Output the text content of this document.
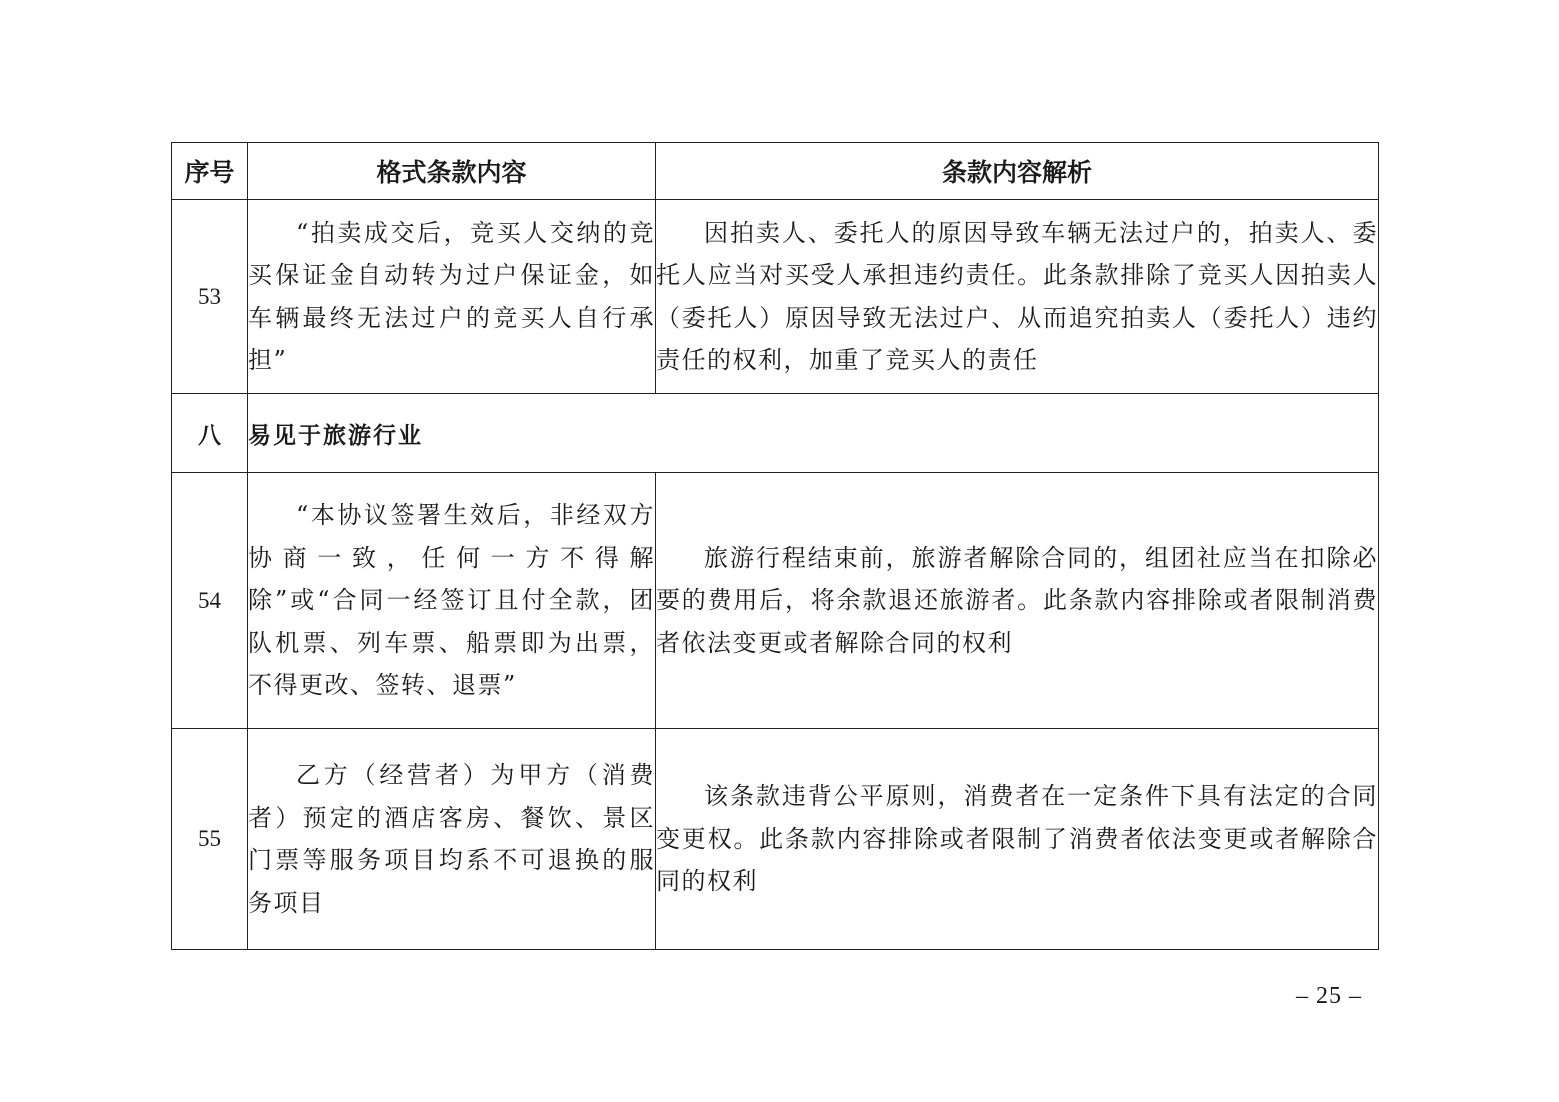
序号	格式条款内容	条款内容解析
53	“拍卖成交后，竞买人交纳的竞买保证金自动转为过户保证金，如车辆最终无法过户的竞买人自行承担”	因拍卖人、委托人的原因导致车辆无法过户的，拍卖人、委托人应当对买受人承担违约责任。此条款排除了竞买人因拍卖人（委托人）原因导致无法过户、从而追究拍卖人（委托人）违约责任的权利，加重了竞买人的责任

八	易见于旅游行业	
54	“本协议签署生效后，非经双方协商一致，任何一方不得解除”或“合同一经签订且付全款，团队机票、列车票、船票即为出票，不得更改、签转、退票”	旅游行程结束前，旅游者解除合同的，组团社应当在扣除必要的费用后，将余款退还旅游者。此条款内容排除或者限制消费者依法变更或者解除合同的权利

55	乙方（经营者）为甲方（消费者）预定的酒店客房、餐饮、景区门票等服务项目均系不可退换的服务项目	该条款违背公平原则，消费者在一定条件下具有法定的合同变更权。此条款内容排除或者限制了消费者依法变更或者解除合同的权利

– 25 –
